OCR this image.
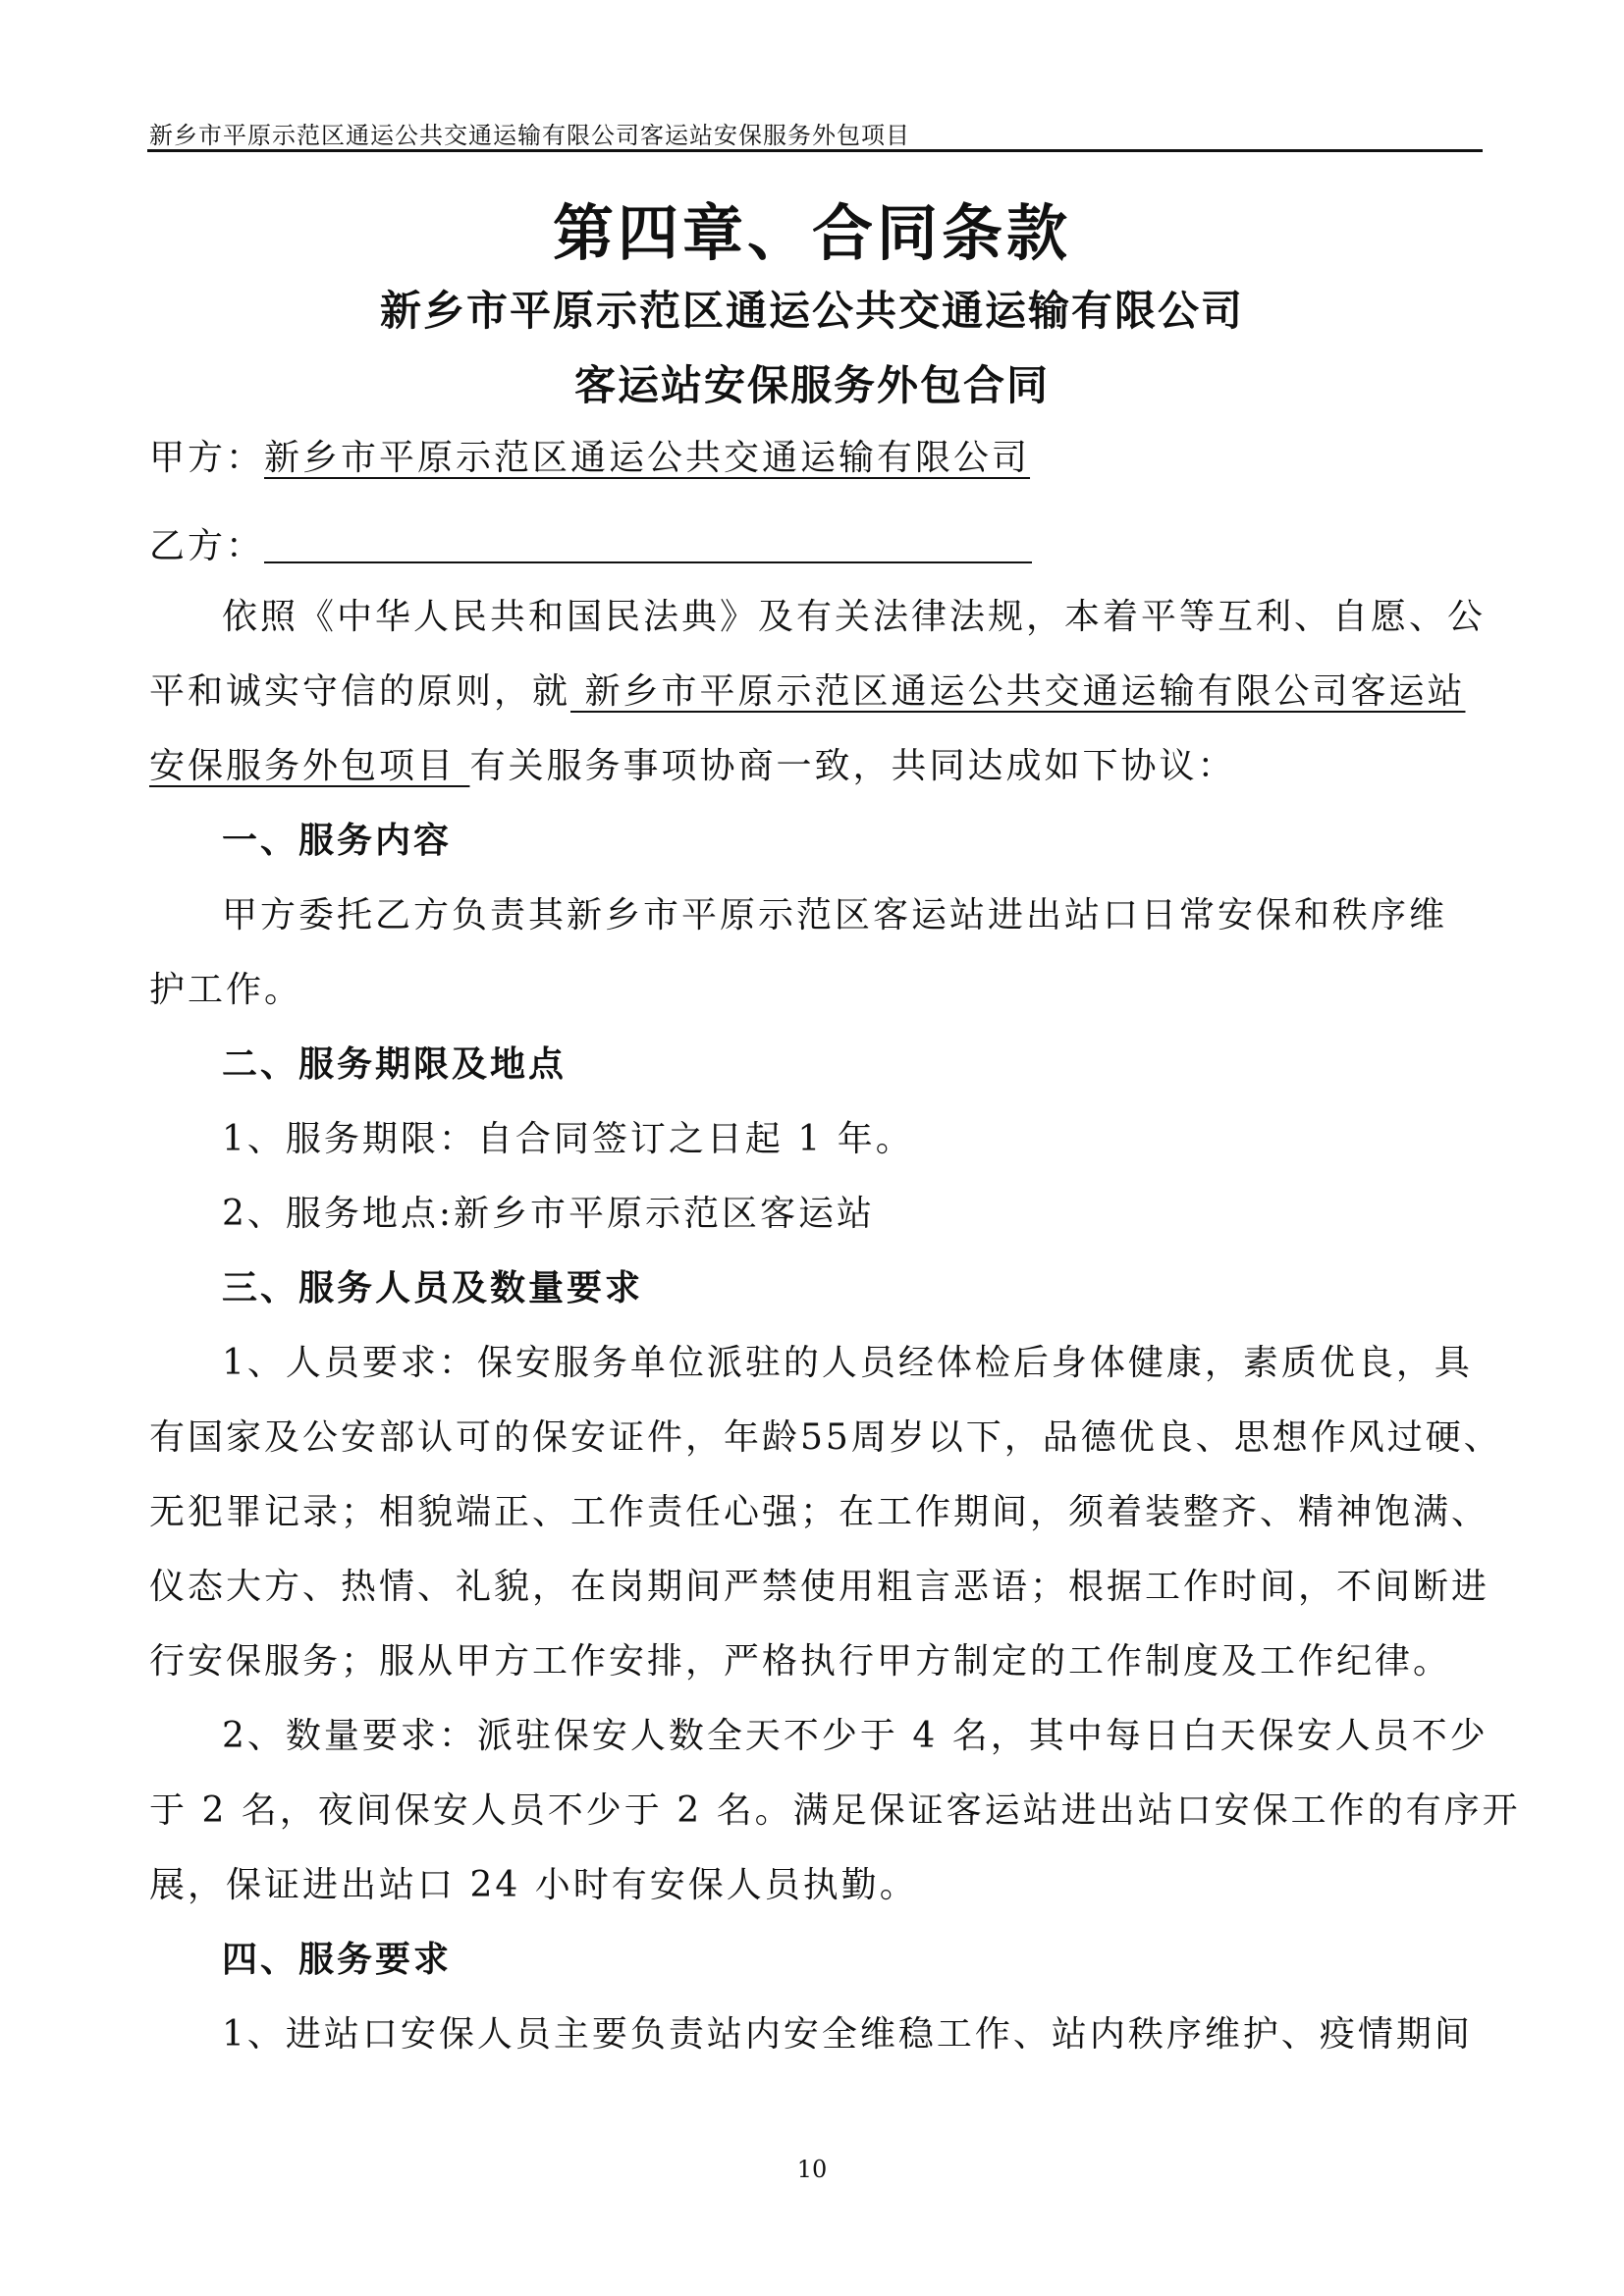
新乡市平原示范区通运公共交通运输有限公司客运站安保服务外包项目
第四章、合同条款
新乡市平原示范区通运公共交通运输有限公司
客运站安保服务外包合同
甲方：新乡市平原示范区通运公共交通运输有限公司
乙方：
依照《中华人民共和国民法典》及有关法律法规，本着平等互利、自愿、公
平和诚实守信的原则，就 新乡市平原示范区通运公共交通运输有限公司客运站
安保服务外包项目 有关服务事项协商一致，共同达成如下协议：
一、服务内容
甲方委托乙方负责其新乡市平原示范区客运站进出站口日常安保和秩序维
护工作。
二、服务期限及地点
1、服务期限：自合同签订之日起 1 年。
2、服务地点:新乡市平原示范区客运站
三、服务人员及数量要求
1、人员要求：保安服务单位派驻的人员经体检后身体健康，素质优良，具
有国家及公安部认可的保安证件，年龄55周岁以下，品德优良、思想作风过硬、
无犯罪记录；相貌端正、工作责任心强；在工作期间，须着装整齐、精神饱满、
仪态大方、热情、礼貌，在岗期间严禁使用粗言恶语；根据工作时间，不间断进
行安保服务；服从甲方工作安排，严格执行甲方制定的工作制度及工作纪律。
2、数量要求：派驻保安人数全天不少于 4 名，其中每日白天保安人员不少
于 2 名，夜间保安人员不少于 2 名。满足保证客运站进出站口安保工作的有序开
展，保证进出站口 24 小时有安保人员执勤。
四、服务要求
1、进站口安保人员主要负责站内安全维稳工作、站内秩序维护、疫情期间
10
